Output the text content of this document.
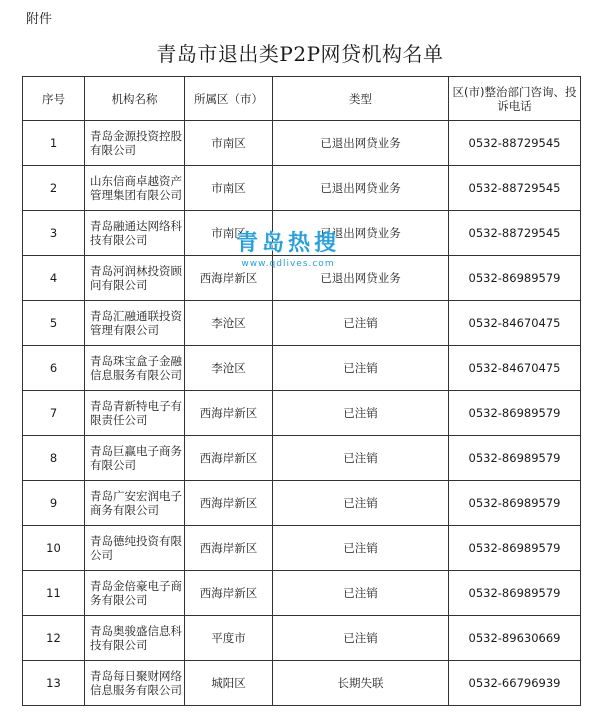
附件
青岛市退出类P2P网贷机构名单
序号	机构名称	所属区（市）	类型	区(市)整治部门咨询、投诉电话
1	青岛金源投资控股有限公司	市南区	已退出网贷业务	0532-88729545
2	山东信商卓越资产管理集团有限公司	市南区	已退出网贷业务	0532-88729545
3	青岛融通达网络科技有限公司	市南区	已退出网贷业务	0532-88729545
4	青岛河润林投资顾问有限公司	西海岸新区	已退出网贷业务	0532-86989579
5	青岛汇融通联投资管理有限公司	李沧区	已注销	0532-84670475
6	青岛珠宝盒子金融信息服务有限公司	李沧区	已注销	0532-84670475
7	青岛青新特电子有限责任公司	西海岸新区	已注销	0532-86989579
8	青岛巨赢电子商务有限公司	西海岸新区	已注销	0532-86989579
9	青岛广安宏润电子商务有限公司	西海岸新区	已注销	0532-86989579
10	青岛德纯投资有限公司	西海岸新区	已注销	0532-86989579
11	青岛金倍豪电子商务有限公司	西海岸新区	已注销	0532-86989579
12	青岛奥骏盛信息科技有限公司	平度市	已注销	0532-89630669
13	青岛每日聚财网络信息服务有限公司	城阳区	长期失联	0532-66796939
青岛热搜
www.qdlives.com
